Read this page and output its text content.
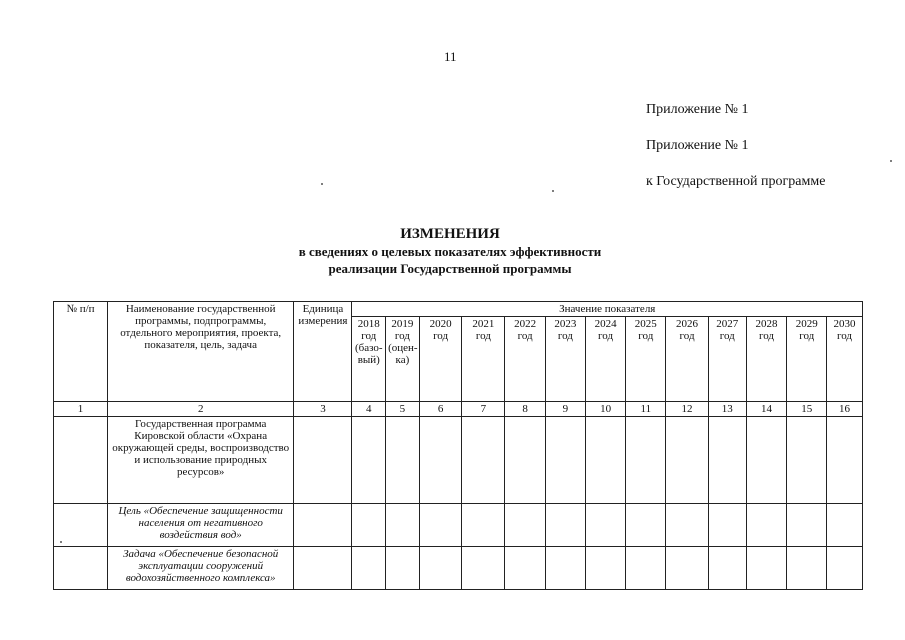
11
Приложение № 1
Приложение № 1
к Государственной программе
ИЗМЕНЕНИЯ
в сведениях о целевых показателях эффективности
реализации Государственной программы
№ п/п	Наименование государственной программы, подпрограммы, отдельного мероприятия, проекта, показателя, цель, задача	Единица измерения	Значение показателя												
			2018 год (базо-вый)	2019 год (оцен-ка)	2020 год	2021 год	2022 год	2023 год	2024 год	2025 год	2026 год	2027 год	2028 год	2029 год	2030 год
1	2	3	4	5	6	7	8	9	10	11	12	13	14	15	16
	Государственная программа Кировской области «Охрана окружающей среды, воспроизводство и использование природных ресурсов»														
	Цель «Обеспечение защищенности населения от негативного воздействия вод»														
	Задача «Обеспечение безопасной эксплуатации сооружений водохозяйственного комплекса»														
